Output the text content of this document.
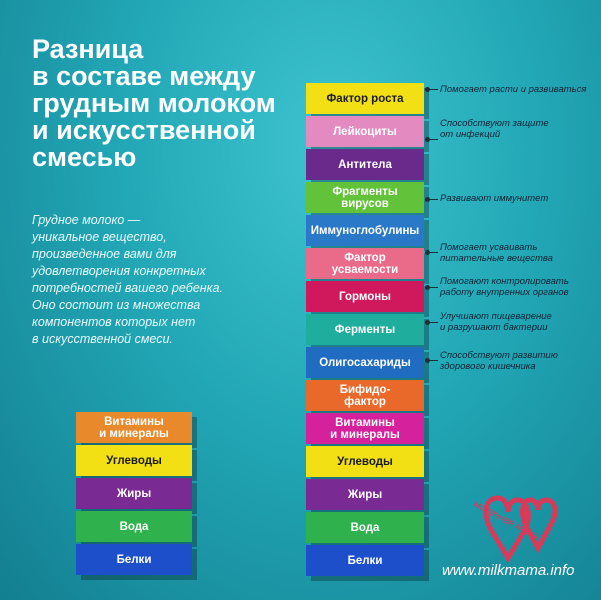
Разница
в составе между
грудным молоком
и искусственной
смесью
Грудное молоко —
уникальное вещество,
произведенное вами для
удовлетворения конкретных
потребностей вашего ребенка.
Оно состоит из множества
компонентов которых нет
в искусственной смеси.
Витамины
и минералы
Углеводы
Жиры
Вода
Белки
Фактор роста
Лейкоциты
Антитела
Фрагменты
вирусов
Иммуноглобулины
Фактор
усваемости
Гормоны
Ферменты
Олигосахариды
Бифидо-
фактор
Витамины
и минералы
Углеводы
Жиры
Вода
Белки
Помогает расти и развиваться
Способствуют защите
от инфекций
Развивают иммунитет
Помогает усваивать
питательные вещества
Помогают контролировать
работу внутренних органов
Улучшают пищеварение
и разрушают бактерии
Способствуют развитию
здорового кишечника
молочная мама
www.milkmama.info
